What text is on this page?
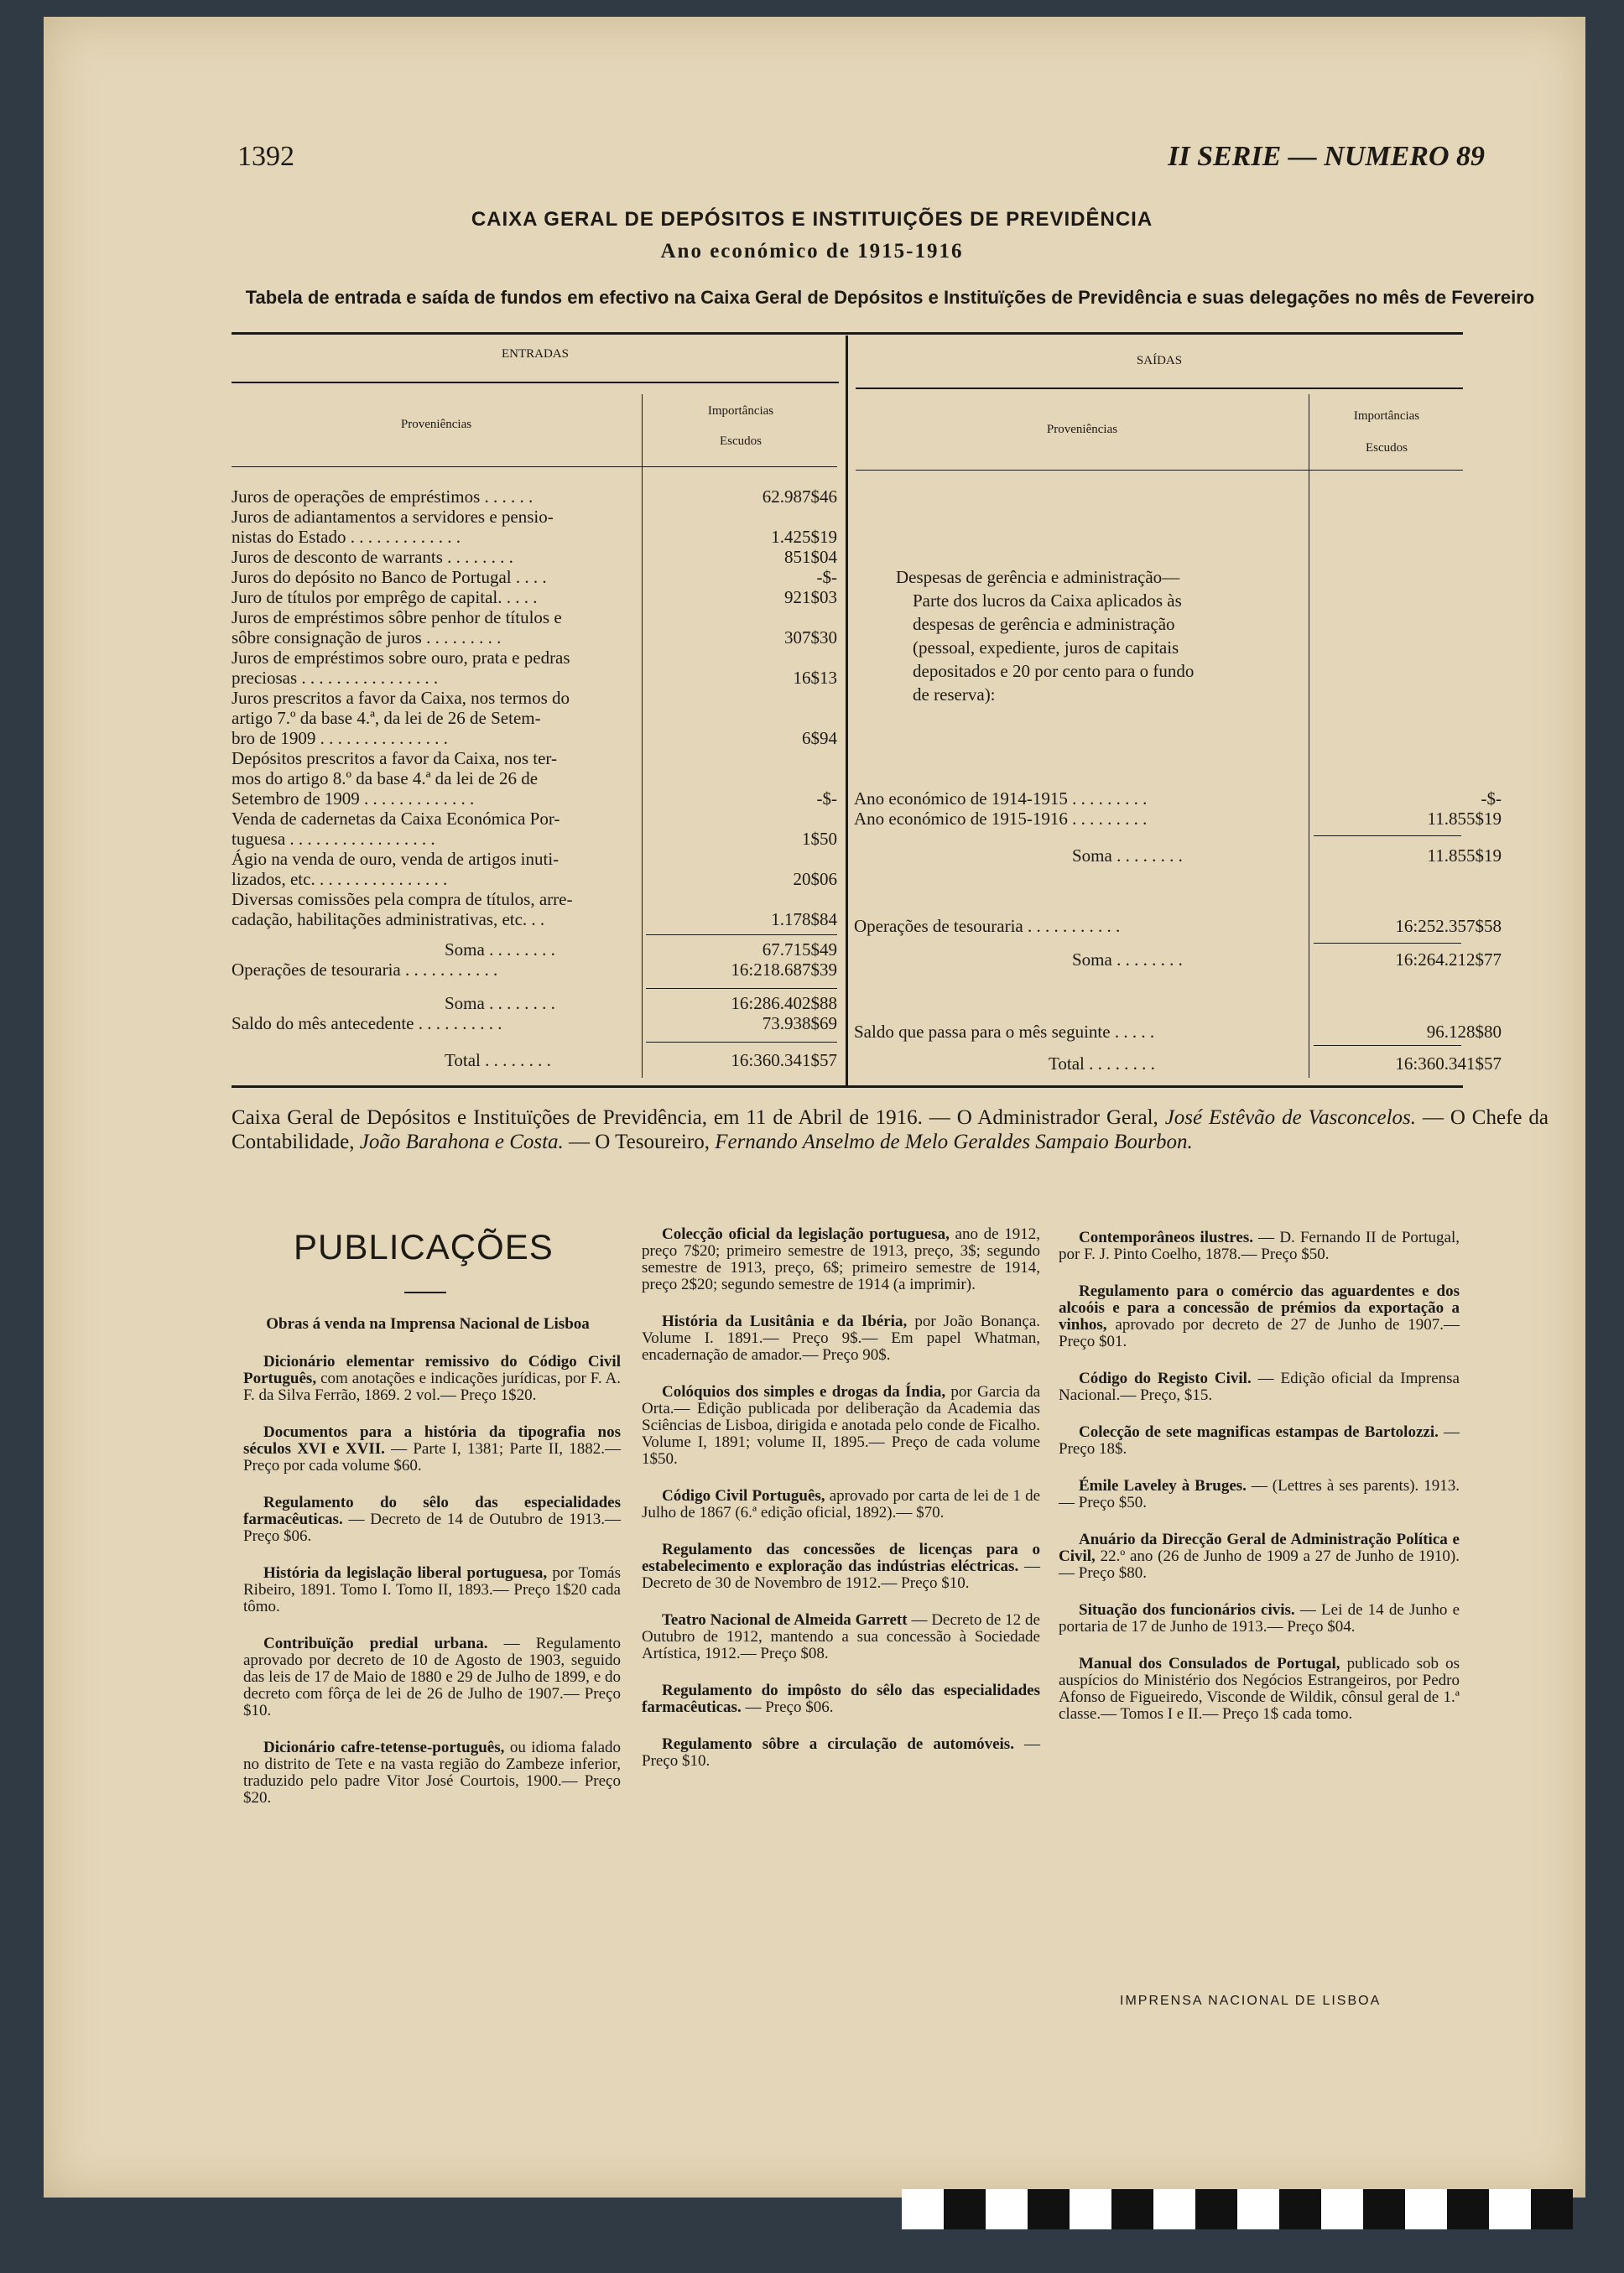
1392	II SERIE — NUMERO 89
CAIXA GERAL DE DEPÓSITOS E INSTITUIÇÕES DE PREVIDÊNCIA
Ano económico de 1915-1916
Tabela de entrada e saída de fundos em efectivo na Caixa Geral de Depósitos e Instituïções de Previdência e suas delegações no mês de Fevereiro
ENTRADAS	SAÍDAS
Proveniências
Importâncias
Escudos
Proveniências
Importâncias
Escudos
Juros de operações de empréstimos . . . . . .	62.987$46
Juros de adiantamentos a servidores e pensio-
nistas do Estado . . . . . . . . . . . . .	1.425$19
Juros de desconto de warrants . . . . . . . .	851$04
Juros do depósito no Banco de Portugal . . . .	-$-
Juro de títulos por emprêgo de capital. . . . .	921$03
Juros de empréstimos sôbre penhor de títulos e
sôbre consignação de juros . . . . . . . . .	307$30
Juros de empréstimos sobre ouro, prata e pedras
preciosas . . . . . . . . . . . . . . . .	16$13
Juros prescritos a favor da Caixa, nos termos do
artigo 7.º da base 4.ª, da lei de 26 de Setem-
bro de 1909 . . . . . . . . . . . . . . .	6$94
Depósitos prescritos a favor da Caixa, nos ter-
mos do artigo 8.º da base 4.ª da lei de 26 de
Setembro de 1909 . . . . . . . . . . . . .	-$-
Venda de cadernetas da Caixa Económica Por-
tuguesa . . . . . . . . . . . . . . . . .	1$50
Ágio na venda de ouro, venda de artigos inuti-
lizados, etc. . . . . . . . . . . . . . . .	20$06
Diversas comissões pela compra de títulos, arre-
cadação, habilitações administrativas, etc. . .	1.178$84
Soma . . . . . . . .	67.715$49
Operações de tesouraria . . . . . . . . . . .	16:218.687$39
Soma . . . . . . . .	16:286.402$88
Saldo do mês antecedente . . . . . . . . . .	73.938$69
Total . . . . . . . .	16:360.341$57
Despesas de gerência e administração—
Parte dos lucros da Caixa aplicados às
despesas de gerência e administração
(pessoal, expediente, juros de capitais
depositados e 20 por cento para o fundo
de reserva):
Ano económico de 1914-1915 . . . . . . . . .	-$-
Ano económico de 1915-1916 . . . . . . . . .	11.855$19
Soma . . . . . . . .	11.855$19
Operações de tesouraria . . . . . . . . . . .	16:252.357$58
Soma . . . . . . . .	16:264.212$77
Saldo que passa para o mês seguinte . . . . .	96.128$80
Total . . . . . . . .	16:360.341$57
Caixa Geral de Depósitos e Instituïções de Previdência, em 11 de Abril de 1916. — O Administrador Geral, José Estêvão de Vasconcelos. — O Chefe da Contabilidade, João Barahona e Costa. — O Tesoureiro, Fernando Anselmo de Melo Geraldes Sampaio Bourbon.
PUBLICAÇÕES
Obras á venda na Imprensa Nacional de Lisboa

Dicionário elementar remissivo do Código Civil Português, com anotações e indicações jurídicas, por F. A. F. da Silva Ferrão, 1869. 2 vol.— Preço 1$20.

Documentos para a história da tipografia nos séculos XVI e XVII. — Parte I, 1381; Parte II, 1882.— Preço por cada volume $60.

Regulamento do sêlo das especialidades farmacêuticas. — Decreto de 14 de Outubro de 1913.— Preço $06.

História da legislação liberal portuguesa, por Tomás Ribeiro, 1891. Tomo I. Tomo II, 1893.— Preço 1$20 cada tômo.

Contribuïção predial urbana. — Regulamento aprovado por decreto de 10 de Agosto de 1903, seguido das leis de 17 de Maio de 1880 e 29 de Julho de 1899, e do decreto com fôrça de lei de 26 de Julho de 1907.— Preço $10.

Dicionário cafre-tetense-português, ou idioma falado no distrito de Tete e na vasta região do Zambeze inferior, traduzido pelo padre Vitor José Courtois, 1900.— Preço $20.

Colecção oficial da legislação portuguesa, ano de 1912, preço 7$20; primeiro semestre de 1913, preço, 3$; segundo semestre de 1913, preço, 6$; primeiro semestre de 1914, preço 2$20; segundo semestre de 1914 (a imprimir).

História da Lusitânia e da Ibéria, por João Bonança. Volume I. 1891.— Preço 9$.— Em papel Whatman, encadernação de amador.— Preço 90$.

Colóquios dos simples e drogas da Índia, por Garcia da Orta.— Edição publicada por deliberação da Academia das Sciências de Lisboa, dirigida e anotada pelo conde de Ficalho. Volume I, 1891; volume II, 1895.— Preço de cada volume 1$50.

Código Civil Português, aprovado por carta de lei de 1 de Julho de 1867 (6.ª edição oficial, 1892).— $70.

Regulamento das concessões de licenças para o estabelecimento e exploração das indústrias eléctricas. — Decreto de 30 de Novembro de 1912.— Preço $10.

Teatro Nacional de Almeida Garrett — Decreto de 12 de Outubro de 1912, mantendo a sua concessão à Sociedade Artística, 1912.— Preço $08.

Regulamento do impôsto do sêlo das especialidades farmacêuticas. — Preço $06.

Regulamento sôbre a circulação de automóveis. — Preço $10.

Contemporâneos ilustres. — D. Fernando II de Portugal, por F. J. Pinto Coelho, 1878.— Preço $50.

Regulamento para o comércio das aguardentes e dos alcoóis e para a concessão de prémios da exportação a vinhos, aprovado por decreto de 27 de Junho de 1907.— Preço $01.

Código do Registo Civil. — Edição oficial da Imprensa Nacional.— Preço, $15.

Colecção de sete magnificas estampas de Bartolozzi. — Preço 18$.

Émile Laveley à Bruges. — (Lettres à ses parents). 1913.— Preço $50.

Anuário da Direcção Geral de Administração Política e Civil, 22.º ano (26 de Junho de 1909 a 27 de Junho de 1910).— Preço $80.

Situação dos funcionários civis. — Lei de 14 de Junho e portaria de 17 de Junho de 1913.— Preço $04.

Manual dos Consulados de Portugal, publicado sob os auspícios do Ministério dos Negócios Estrangeiros, por Pedro Afonso de Figueiredo, Visconde de Wildik, cônsul geral de 1.ª classe.— Tomos I e II.— Preço 1$ cada tomo.

IMPRENSA NACIONAL DE LISBOA
